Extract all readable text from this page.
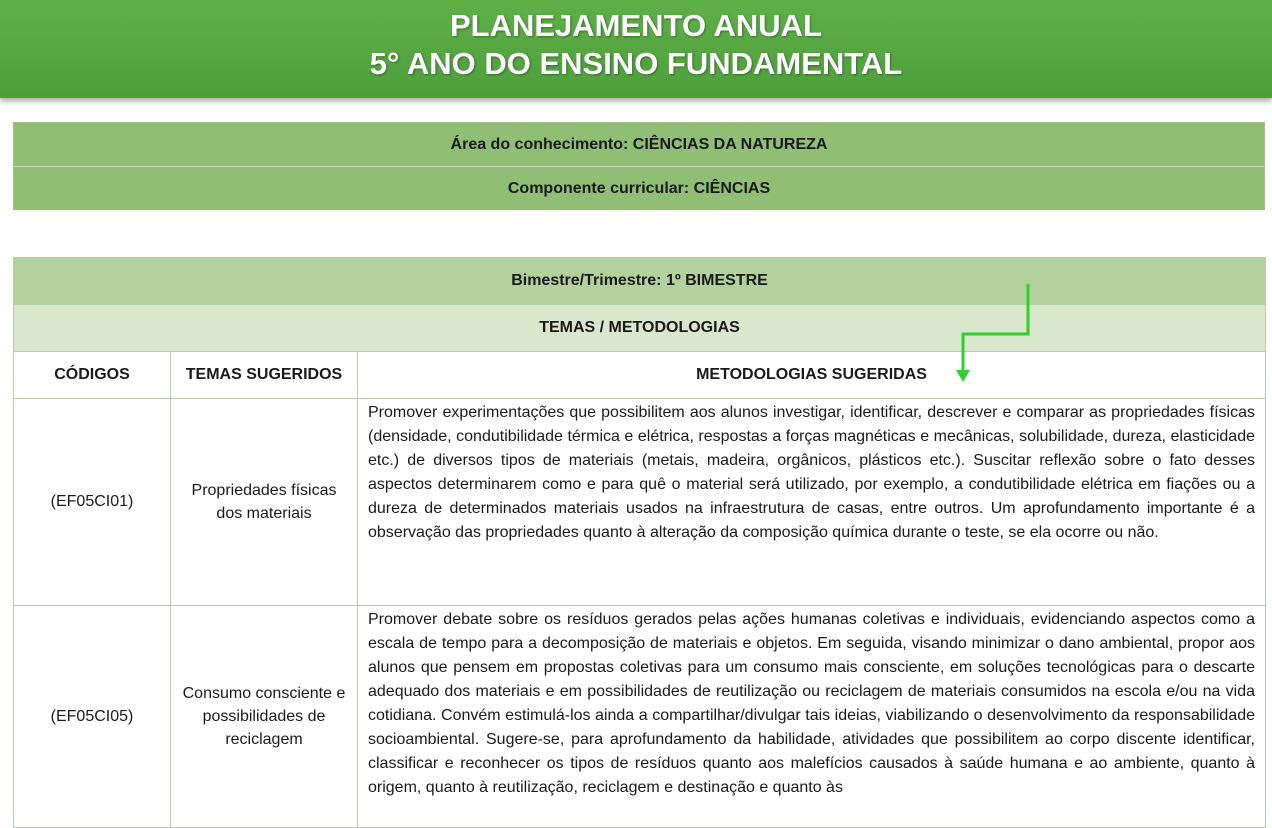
PLANEJAMENTO ANUAL
5° ANO DO ENSINO FUNDAMENTAL
Área do conhecimento: CIÊNCIAS DA NATUREZA
Componente curricular: CIÊNCIAS
Bimestre/Trimestre: 1º BIMESTRE		
TEMAS / METODOLOGIAS		
CÓDIGOS	TEMAS SUGERIDOS	METODOLOGIAS SUGERIDAS
(EF05CI01)	Propriedades físicas dos materiais	Promover experimentações que possibilitem aos alunos investigar, identificar, descrever e comparar as propriedades físicas (densidade, condutibilidade térmica e elétrica, respostas a forças magnéticas e mecânicas, solubilidade, dureza, elasticidade etc.) de diversos tipos de materiais (metais, madeira, orgânicos, plásticos etc.). Suscitar reflexão sobre o fato desses aspectos determinarem como e para quê o material será utilizado, por exemplo, a condutibilidade elétrica em fiações ou a dureza de determinados materiais usados na infraestrutura de casas, entre outros. Um aprofundamento importante é a observação das propriedades quanto à alteração da composição química durante o teste, se ela ocorre ou não.
(EF05CI05)	Consumo consciente e possibilidades de reciclagem	Promover debate sobre os resíduos gerados pelas ações humanas coletivas e individuais, evidenciando aspectos como a escala de tempo para a decomposição de materiais e objetos. Em seguida, visando minimizar o dano ambiental, propor aos alunos que pensem em propostas coletivas para um consumo mais consciente, em soluções tecnológicas para o descarte adequado dos materiais e em possibilidades de reutilização ou reciclagem de materiais consumidos na escola e/ou na vida cotidiana. Convém estimulá-los ainda a compartilhar/divulgar tais ideias, viabilizando o desenvolvimento da responsabilidade socioambiental. Sugere-se, para aprofundamento da habilidade, atividades que possibilitem ao corpo discente identificar, classificar e reconhecer os tipos de resíduos quanto aos malefícios causados à saúde humana e ao ambiente, quanto à origem, quanto à reutilização, reciclagem e destinação e quanto às
